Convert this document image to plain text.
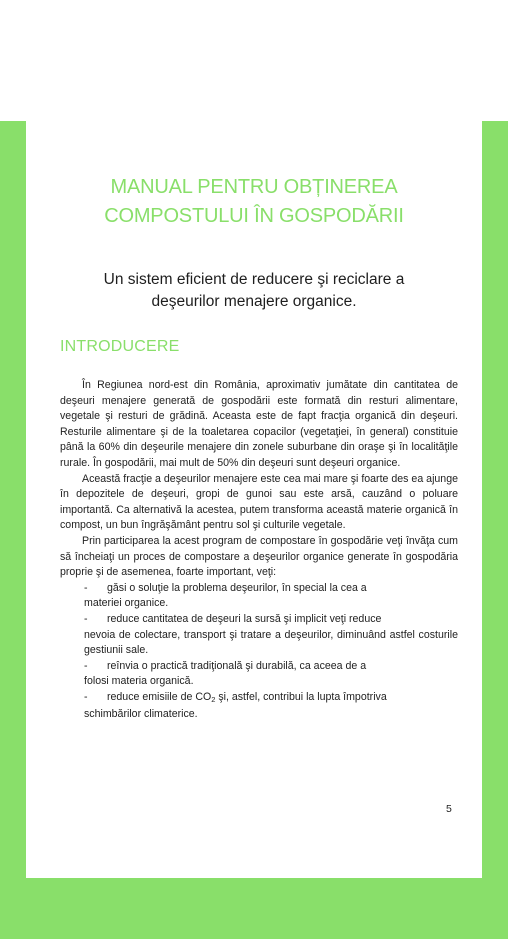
MANUAL PENTRU OBȚINEREA
COMPOSTULUI ÎN GOSPODĂRII
Un sistem eficient de reducere şi reciclare a
deşeurilor menajere organice.
INTRODUCERE

În Regiunea nord-est din România, aproximativ jumătate din cantitatea de deşeuri menajere generată de gospodării este formată din resturi alimentare, vegetale şi resturi de grădină. Aceasta este de fapt fracţia organică din deşeuri. Resturile alimentare şi de la toaletarea copacilor (vegetaţiei, în general) constituie până la 60% din deşeurile menajere din zonele suburbane din oraşe şi în localităţile rurale. În gospodării, mai mult de 50% din deşeuri sunt deşeuri organice.

Această fracţie a deşeurilor menajere este cea mai mare şi foarte des ea ajunge în depozitele de deşeuri, gropi de gunoi sau este arsă, cauzând o poluare importantă. Ca alternativă la acestea, putem transforma această materie organică în compost, un bun îngrăşământ pentru sol şi culturile vegetale.

Prin participarea la acest program de compostare în gospodărie veţi învăţa cum să încheiaţi un proces de compostare a deşeurilor organice generate în gospodăria proprie şi de asemenea, foarte important, veţi:

-	găsi o soluţie la problema deşeurilor, în special la cea a
materiei organice.
-	reduce cantitatea de deşeuri la sursă şi implicit veţi reduce
nevoia de colectare, transport şi tratare a deşeurilor, diminuând astfel costurile gestiunii sale.
-	reînvia o practică tradiţională şi durabilă, ca aceea de a
folosi materia organică.
-	reduce emisiile de $CO_2$ şi, astfel, contribui la lupta împotriva
schimbărilor climaterice.
5
